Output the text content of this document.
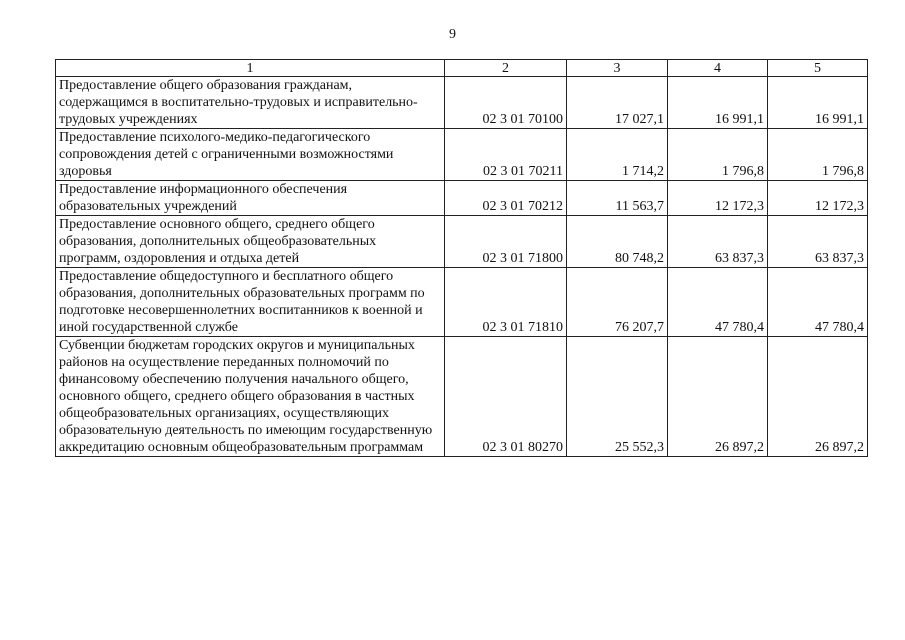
9
1	2	3	4	5
Предоставление общего образования гражданам, содержащимся в воспитательно-трудовых и исправительно-трудовых учреждениях	02 3 01 70100	17 027,1	16 991,1	16 991,1
Предоставление психолого-медико-педагогического сопровождения детей с ограниченными возможностями здоровья	02 3 01 70211	1 714,2	1 796,8	1 796,8
Предоставление информационного обеспечения образовательных учреждений	02 3 01 70212	11 563,7	12 172,3	12 172,3
Предоставление основного общего, среднего общего образования, дополнительных общеобразовательных программ, оздоровления и отдыха детей	02 3 01 71800	80 748,2	63 837,3	63 837,3
Предоставление общедоступного и бесплатного общего образования, дополнительных образовательных программ по подготовке несовершеннолетних воспитанников к военной и иной государственной службе	02 3 01 71810	76 207,7	47 780,4	47 780,4
Субвенции бюджетам городских округов и муниципальных районов на осуществление переданных полномочий по финансовому обеспечению получения начального общего, основного общего, среднего общего образования в частных общеобразовательных организациях, осуществляющих образовательную деятельность по имеющим государственную аккредитацию основным общеобразовательным программам	02 3 01 80270	25 552,3	26 897,2	26 897,2
